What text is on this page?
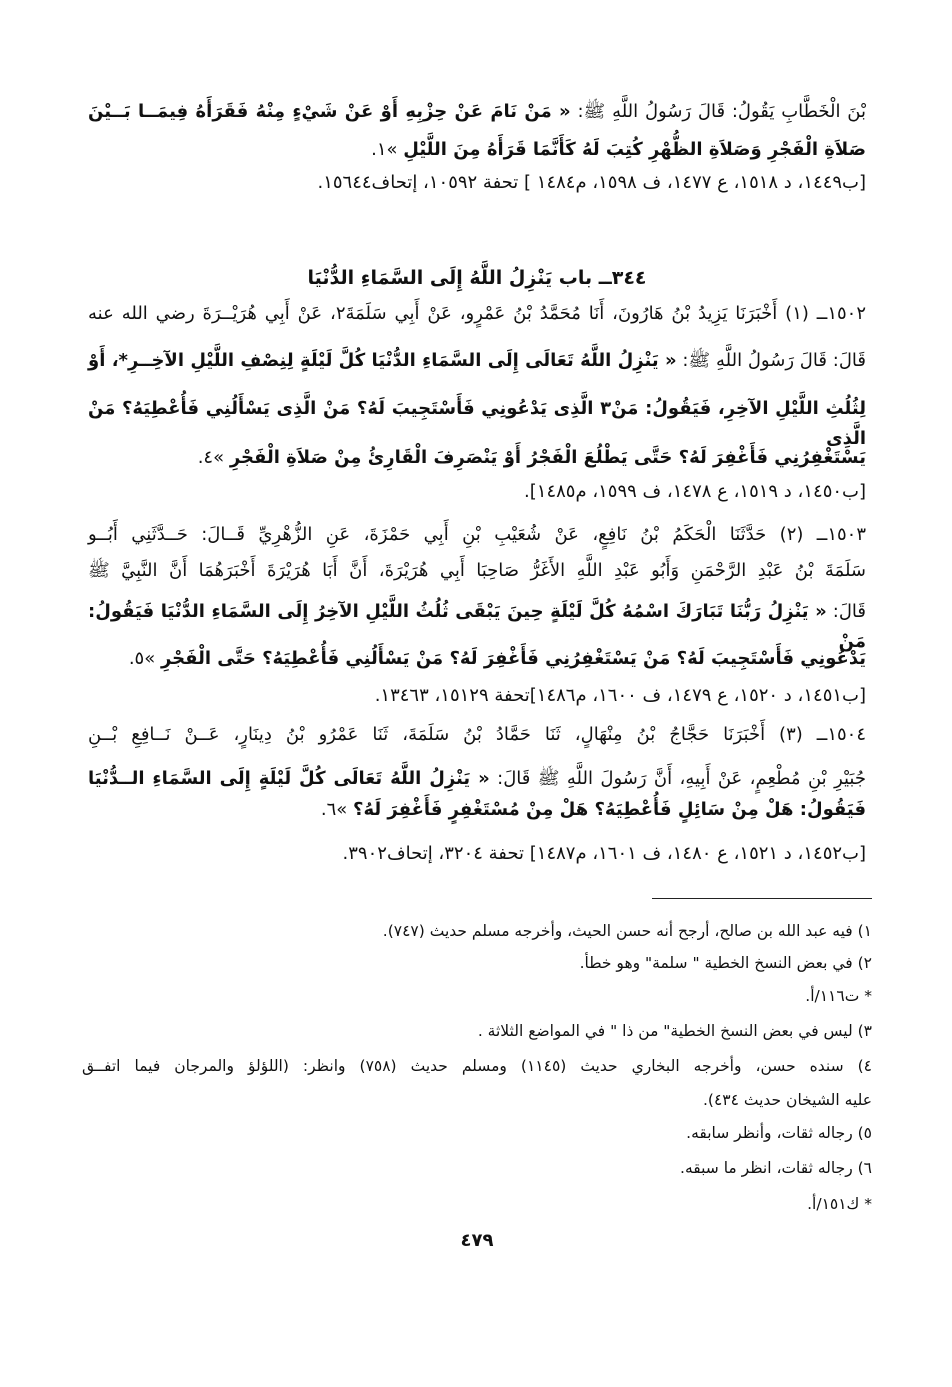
٣٤٤ــ باب يَنْزِلُ اللَّهُ إِلَى السَّمَاءِ الدُّنْيَا
٤٧٩
بْنَ الْخَطَّابِ يَقُولُ: قَالَ رَسُولُ اللَّهِ ﷺ: « مَنْ نَامَ عَنْ حِزْبِهِ أَوْ عَنْ شَيْءٍ مِنْهُ فَقَرَأَهُ فِيمَــا بَــيْنَ
صَلاَةِ الْفَجْرِ وَصَلاَةِ الظُّهْرِ كُتِبَ لَهُ كَأَنَّمَا قَرَأَهُ مِنَ اللَّيْلِ »١.
[ب١٤٤٩، د ١٥١٨، ع ١٤٧٧، ف ١٥٩٨، م١٤٨٤ ] تحفة ١٠٥٩٢، إتحاف١٥٦٤٤.
١٥٠٢ــ (١) أَخْبَرَنَا يَزِيدُ بْنُ هَارُونَ، أَنَا مُحَمَّدُ بْنُ عَمْرٍو، عَنْ أَبِي سَلَمَةَ٢، عَنْ أَبِي هُرَيْــرَةَ رضي الله عنه
قَالَ: قَالَ رَسُولُ اللَّهِ ﷺ: « يَنْزِلُ اللَّهُ تَعَالَى إِلَى السَّمَاءِ الدُّنْيَا كُلَّ لَيْلَةٍ لِنِصْفِ اللَّيْلِ الآخِــرِ*، أَوْ
لِثُلُثِ اللَّيْلِ الآخِرِ، فَيَقُولُ: مَنْ٣ الَّذِى يَدْعُونِي فَأَسْتَجِيبَ لَهُ؟ مَنْ الَّذِى يَسْأَلُنِي فَأُعْطِيَهُ؟ مَنْ الَّذِى
يَسْتَغْفِرُنِي فَأَغْفِرَ لَهُ؟ حَتَّى يَطْلُعَ الْفَجْرُ أَوْ يَنْصَرِفَ الْقَارِئُ مِنْ صَلاَةِ الْفَجْرِ »٤.
[ب١٤٥٠، د ١٥١٩، ع ١٤٧٨، ف ١٥٩٩، م١٤٨٥].
١٥٠٣ــ (٢) حَدَّثَنَا الْحَكَمُ بْنُ نَافِعٍ، عَنْ شُعَيْبِ بْنِ أَبِي حَمْزَةَ، عَنِ الزُّهْرِيِّ قَــالَ: حَــدَّثَنِي أَبُــو
سَلَمَةَ بْنُ عَبْدِ الرَّحْمَنِ وَأَبُو عَبْدِ اللَّهِ الأَغَرُّ صَاحِبَا أَبِي هُرَيْرَةَ، أَنَّ أَبَا هُرَيْرَةَ أَخْبَرَهُمَا أَنَّ النَّبِيَّ ﷺ
قَالَ: « يَنْزِلُ رَبُّنَا تَبَارَكَ اسْمُهُ كُلَّ لَيْلَةٍ حِينَ يَبْقَى ثُلُثُ اللَّيْلِ الآخِرُ إِلَى السَّمَاءِ الدُّنْيَا فَيَقُولُ: مَنْ
يَدْعُونِي فَأَسْتَجِيبَ لَهُ؟ مَنْ يَسْتَغْفِرُنِي فَأَغْفِرَ لَهُ؟ مَنْ يَسْأَلُنِي فَأُعْطِيَهُ؟ حَتَّى الْفَجْرِ »٥.
[ب١٤٥١، د ١٥٢٠، ع ١٤٧٩، ف ١٦٠٠، م١٤٨٦]تحفة ١٥١٢٩، ١٣٤٦٣.
١٥٠٤ــ (٣) أَخْبَرَنَا حَجَّاجُ بْنُ مِنْهَالٍ، ثَنَا حَمَّادُ بْنُ سَلَمَةَ، ثَنَا عَمْرُو بْنُ دِينَارٍ، عَــنْ نَــافِعِ بْــنِ
جُبَيْرِ بْنِ مُطْعِمٍ، عَنْ أَبِيهِ، أَنَّ رَسُولَ اللَّهِ ﷺ قَالَ: « يَنْزِلُ اللَّهُ تَعَالَى كُلَّ لَيْلَةٍ إِلَى السَّمَاءِ الــدُّنْيَا
فَيَقُولُ: هَلْ مِنْ سَائِلٍ فَأُعْطِيَهُ؟ هَلْ مِنْ مُسْتَغْفِرٍ فَأَغْفِرَ لَهُ؟ »٦.
[ب١٤٥٢، د ١٥٢١، ع ١٤٨٠، ف ١٦٠١، م١٤٨٧] تحفة ٣٢٠٤، إتحاف٣٩٠٢.
١) فيه عبد الله بن صالح، أرجح أنه حسن الحيث، وأخرجه مسلم حديث (٧٤٧).
٢) في بعض النسخ الخطية " سلمة" وهو خطأ.
* ت١١٦/أ.
٣) ليس في بعض النسخ الخطية" من ذا " في المواضع الثلاثة .
٤) سنده حسن، وأخرجه البخاري حديث (١١٤٥) ومسلم حديث (٧٥٨) وانظر: (اللؤلؤ والمرجان فيما اتفــق
عليه الشيخان حديث ٤٣٤).
٥) رجاله ثقات، وأنظر سابقه.
٦) رجاله ثقات، انظر ما سبقه.
* ك١٥١/أ.
